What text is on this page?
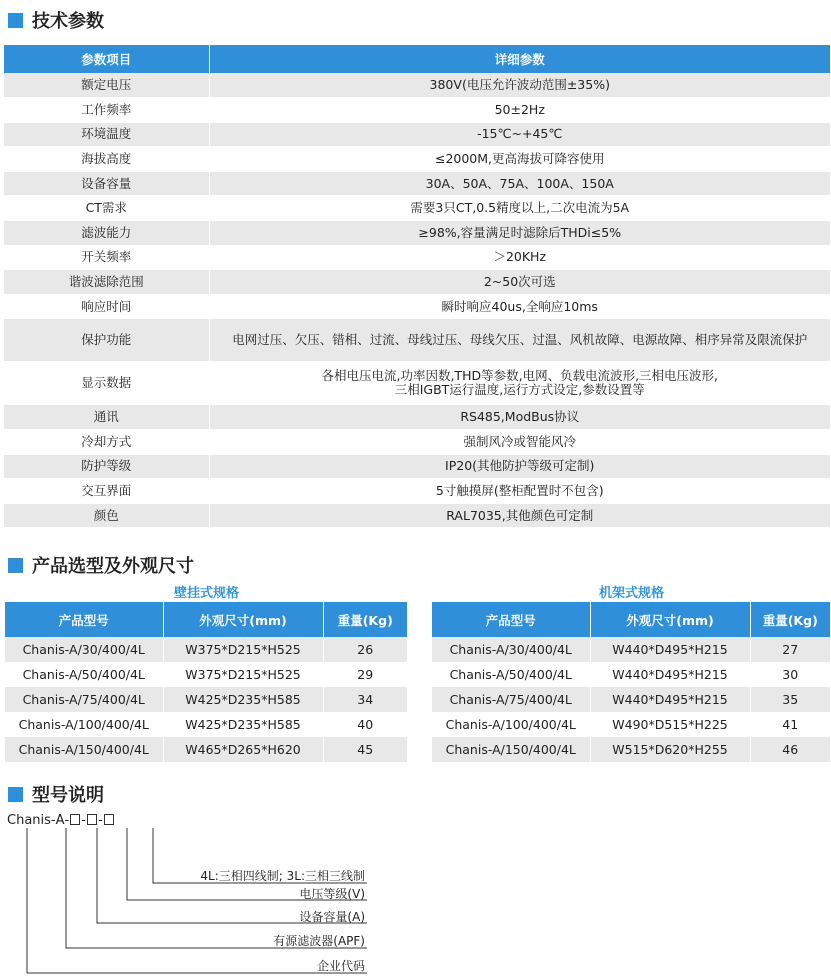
技术参数
参数项目	详细参数
额定电压	380V(电压允许波动范围±35%)
工作频率	50±2Hz
环境温度	-15℃~+45℃
海拔高度	≤2000M,更高海拔可降容使用
设备容量	30A、50A、75A、100A、150A
CT需求	需要3只CT,0.5精度以上,二次电流为5A
滤波能力	≥98%,容量满足时滤除后THDi≤5%
开关频率	＞20KHz
谐波滤除范围	2~50次可选
响应时间	瞬时响应40us,全响应10ms
保护功能	电网过压、欠压、错相、过流、母线过压、母线欠压、过温、风机故障、电源故障、相序异常及限流保护
显示数据	各相电压电流,功率因数,THD等参数,电网、负载电流波形,三相电压波形,
三相IGBT运行温度,运行方式设定,参数设置等
通讯	RS485,ModBus协议
冷却方式	强制风冷或智能风冷
防护等级	IP20(其他防护等级可定制)
交互界面	5寸触摸屏(整柜配置时不包含)
颜色	RAL7035,其他颜色可定制
产品选型及外观尺寸
壁挂式规格	机架式规格
产品型号	外观尺寸(mm)	重量(Kg)
Chanis-A/30/400/4L	W375*D215*H525	26
Chanis-A/50/400/4L	W375*D215*H525	29
Chanis-A/75/400/4L	W425*D235*H585	34
Chanis-A/100/400/4L	W425*D235*H585	40
Chanis-A/150/400/4L	W465*D265*H620	45
产品型号	外观尺寸(mm)	重量(Kg)
Chanis-A/30/400/4L	W440*D495*H215	27
Chanis-A/50/400/4L	W440*D495*H215	30
Chanis-A/75/400/4L	W440*D495*H215	35
Chanis-A/100/400/4L	W490*D515*H225	41
Chanis-A/150/400/4L	W515*D620*H255	46
型号说明
Chanis-A- - -
4L:三相四线制; 3L:三相三线制
电压等级(V)
设备容量(A)
有源滤波器(APF)
企业代码
